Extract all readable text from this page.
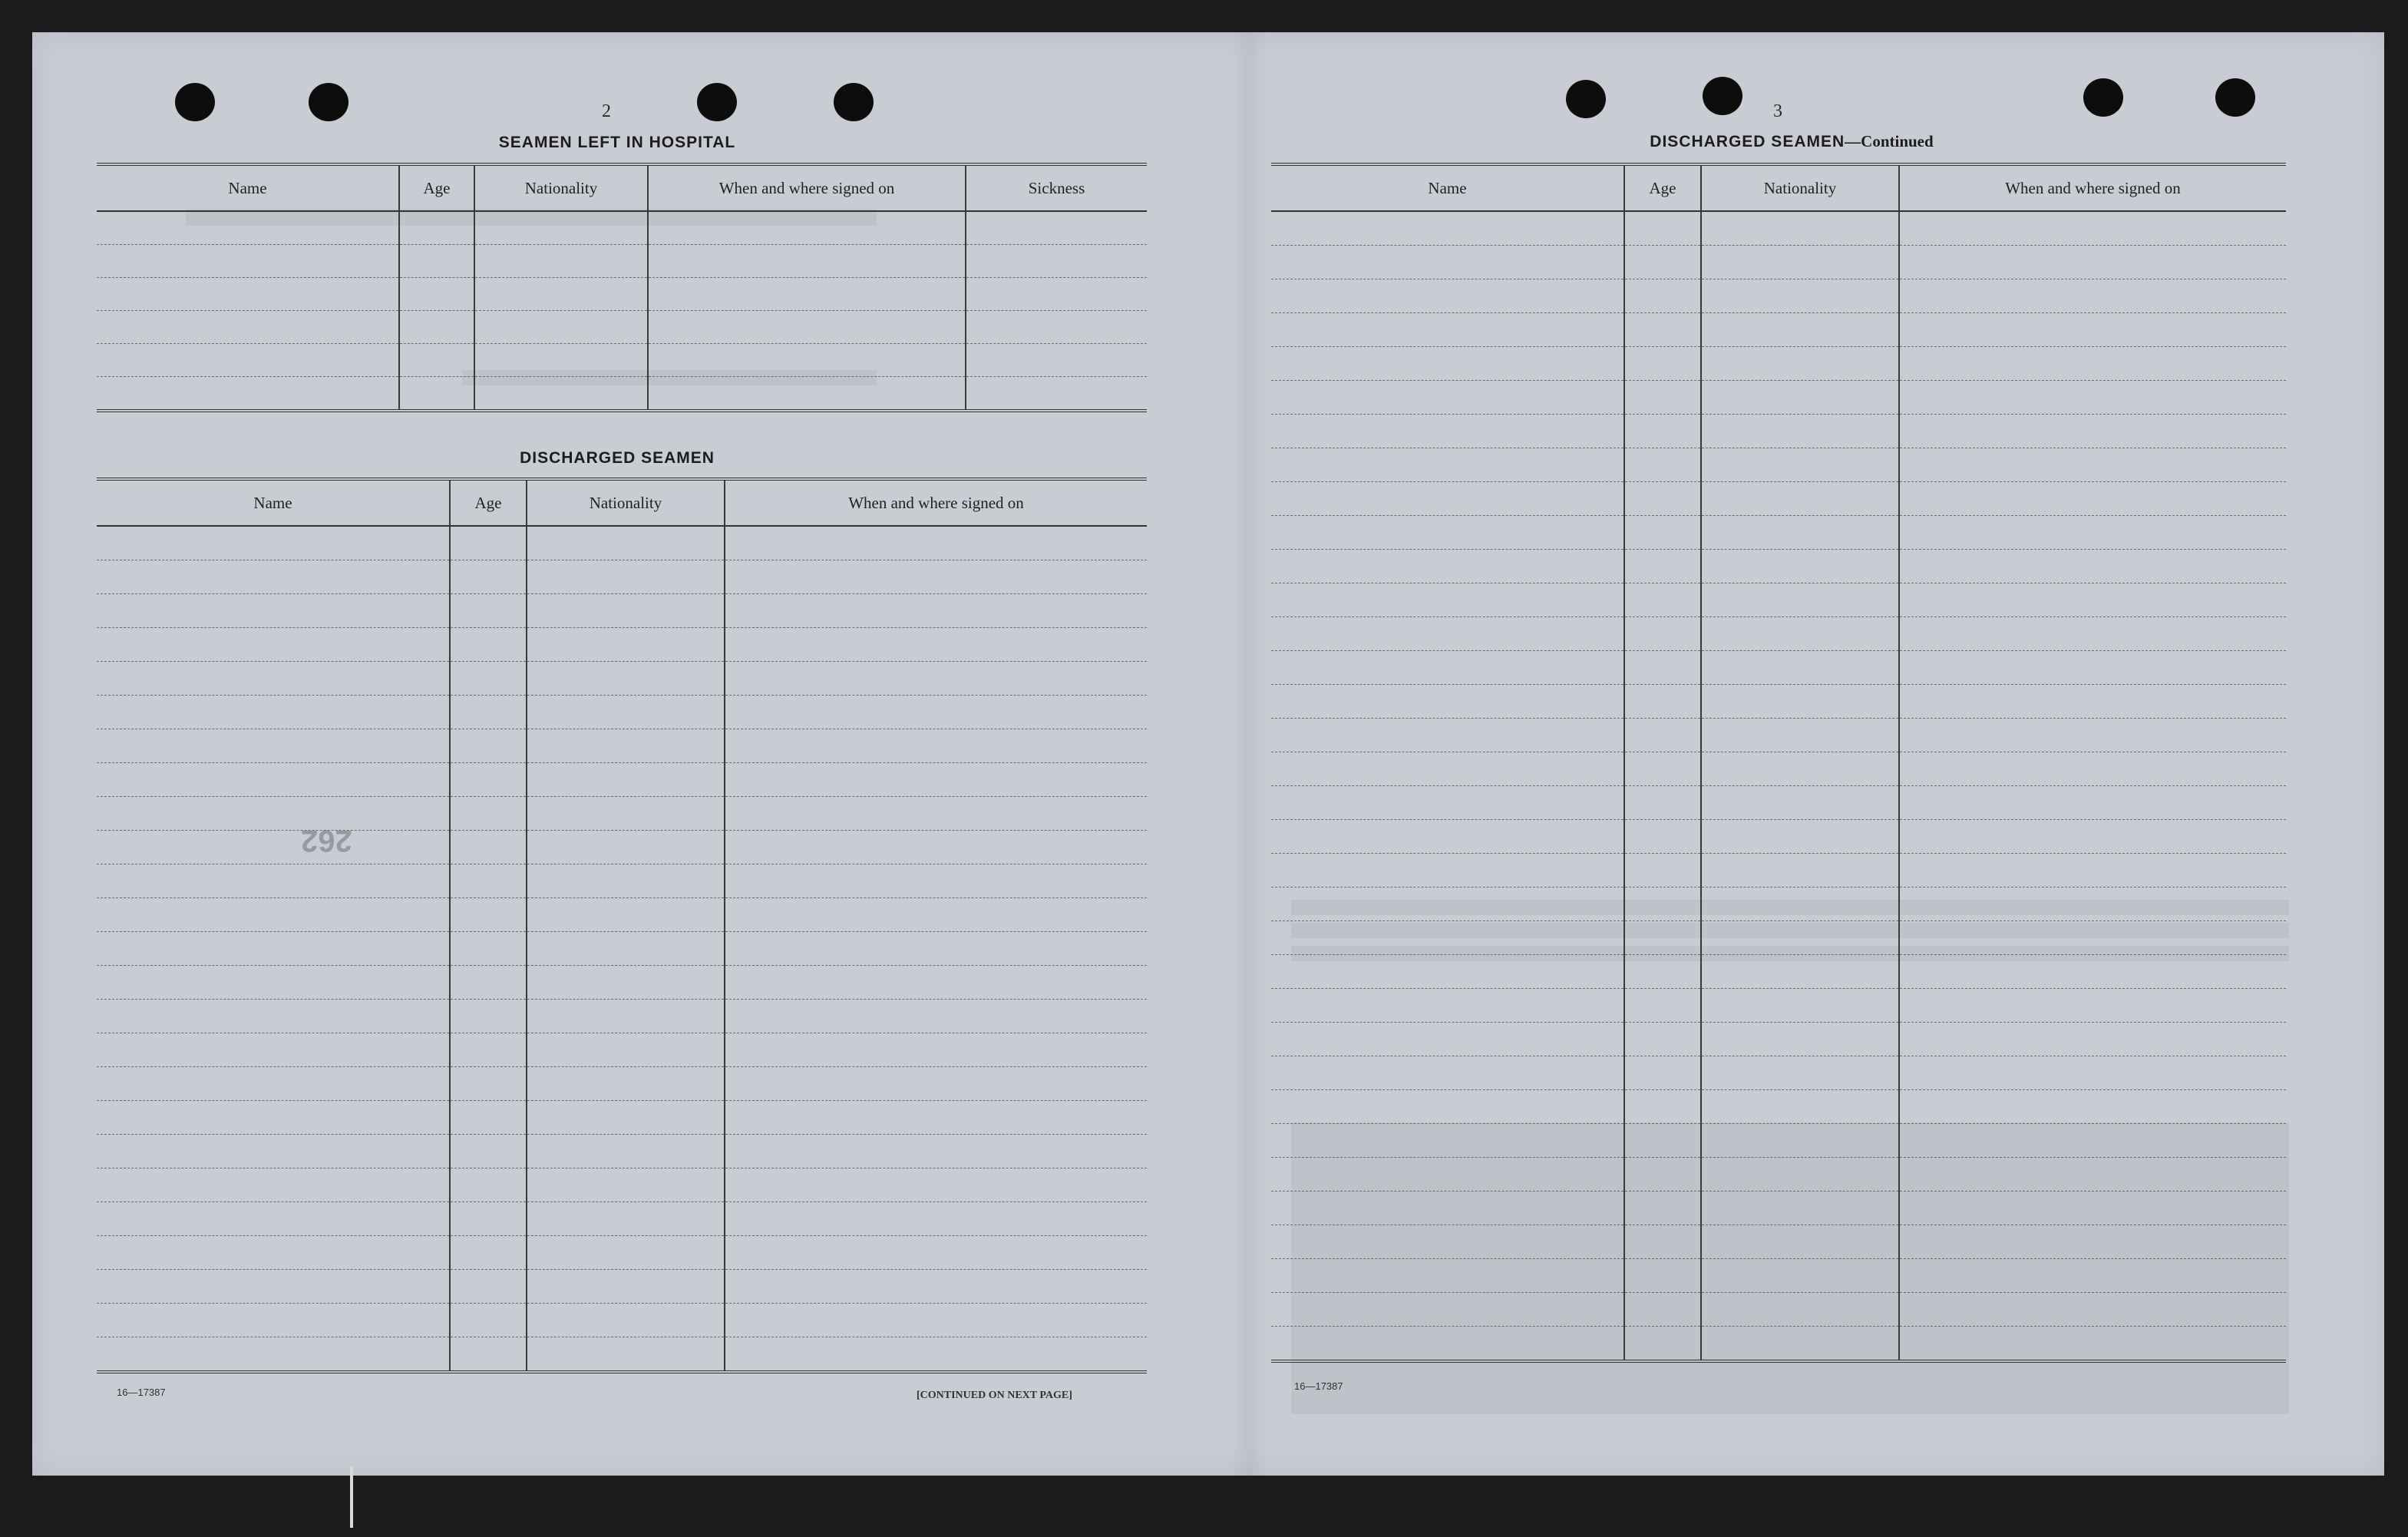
2
SEAMEN LEFT IN HOSPITAL
Name	Age	Nationality	When and where signed on	Sickness

DISCHARGED SEAMEN
Name	Age	Nationality	When and where signed on

262
16—17387	[CONTINUED ON NEXT PAGE]
3
DISCHARGED SEAMEN—Continued
Name	Age	Nationality	When and where signed on

16—17387
